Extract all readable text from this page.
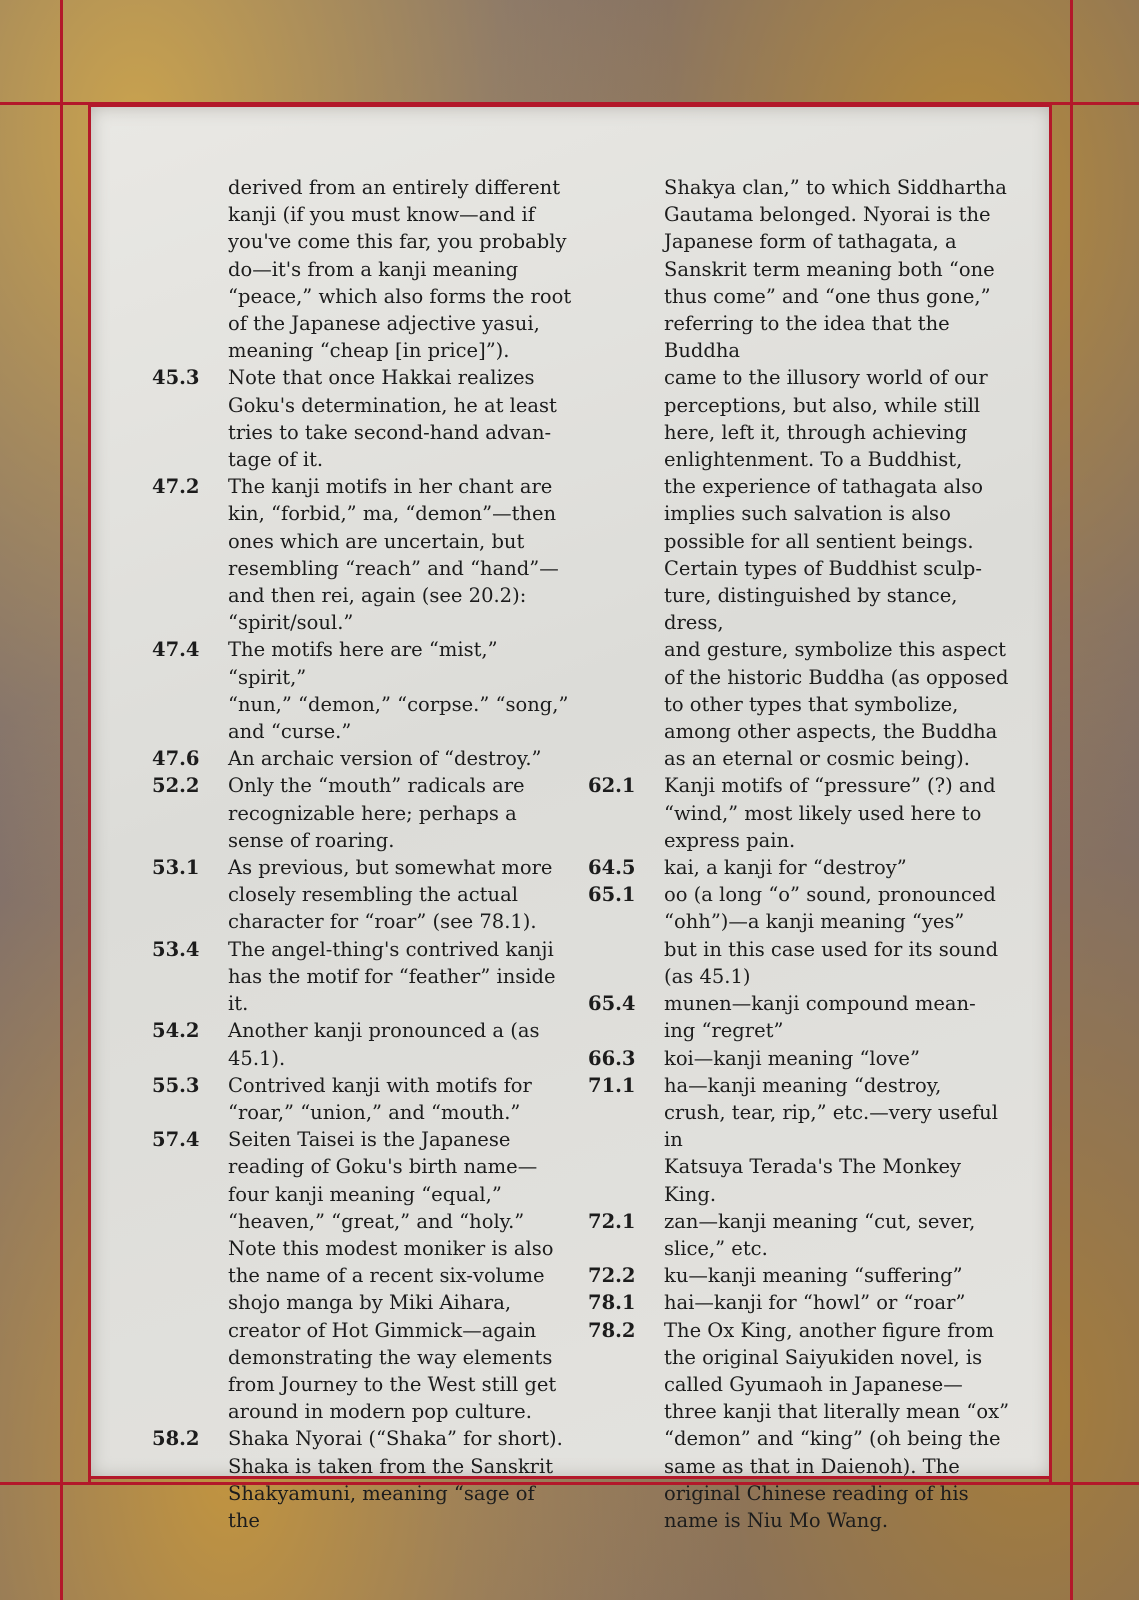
derived from an entirely different
kanji (if you must know—and if
you've come this far, you probably
do—it's from a kanji meaning
“peace,” which also forms the root
of the Japanese adjective yasui,
meaning “cheap [in price]”).
45.3	Note that once Hakkai realizes
Goku's determination, he at least
tries to take second-hand advan-
tage of it.
47.2	The kanji motifs in her chant are
kin, “forbid,” ma, “demon”—then
ones which are uncertain, but
resembling “reach” and “hand”—
and then rei, again (see 20.2):
“spirit/soul.”
47.4	The motifs here are “mist,” “spirit,”
“nun,” “demon,” “corpse.” “song,”
and “curse.”
47.6	An archaic version of “destroy.”
52.2	Only the “mouth” radicals are
recognizable here; perhaps a
sense of roaring.
53.1	As previous, but somewhat more
closely resembling the actual
character for “roar” (see 78.1).
53.4	The angel-thing's contrived kanji
has the motif for “feather” inside it.
54.2	Another kanji pronounced a (as 45.1).
55.3	Contrived kanji with motifs for
“roar,” “union,” and “mouth.”
57.4	Seiten Taisei is the Japanese
reading of Goku's birth name—
four kanji meaning “equal,”
“heaven,” “great,” and “holy.”
Note this modest moniker is also
the name of a recent six-volume
shojo manga by Miki Aihara,
creator of Hot Gimmick—again
demonstrating the way elements
from Journey to the West still get
around in modern pop culture.
58.2	Shaka Nyorai (“Shaka” for short).
Shaka is taken from the Sanskrit
Shakyamuni, meaning “sage of the
Shakya clan,” to which Siddhartha
Gautama belonged. Nyorai is the
Japanese form of tathagata, a
Sanskrit term meaning both “one
thus come” and “one thus gone,”
referring to the idea that the Buddha
came to the illusory world of our
perceptions, but also, while still
here, left it, through achieving
enlightenment. To a Buddhist,
the experience of tathagata also
implies such salvation is also
possible for all sentient beings.
Certain types of Buddhist sculp-
ture, distinguished by stance, dress,
and gesture, symbolize this aspect
of the historic Buddha (as opposed
to other types that symbolize,
among other aspects, the Buddha
as an eternal or cosmic being).
62.1	Kanji motifs of “pressure” (?) and
“wind,” most likely used here to
express pain.
64.5	kai, a kanji for “destroy”
65.1	oo (a long “o” sound, pronounced
“ohh”)—a kanji meaning “yes”
but in this case used for its sound
(as 45.1)
65.4	munen—kanji compound mean-
ing “regret”
66.3	koi—kanji meaning “love”
71.1	ha—kanji meaning “destroy,
crush, tear, rip,” etc.—very useful in
Katsuya Terada's The Monkey King.
72.1	zan—kanji meaning “cut, sever,
slice,” etc.
72.2	ku—kanji meaning “suffering”
78.1	hai—kanji for “howl” or “roar”
78.2	The Ox King, another figure from
the original Saiyukiden novel, is
called Gyumaoh in Japanese—
three kanji that literally mean “ox”
“demon” and “king” (oh being the
same as that in Daienoh). The
original Chinese reading of his
name is Niu Mo Wang.
